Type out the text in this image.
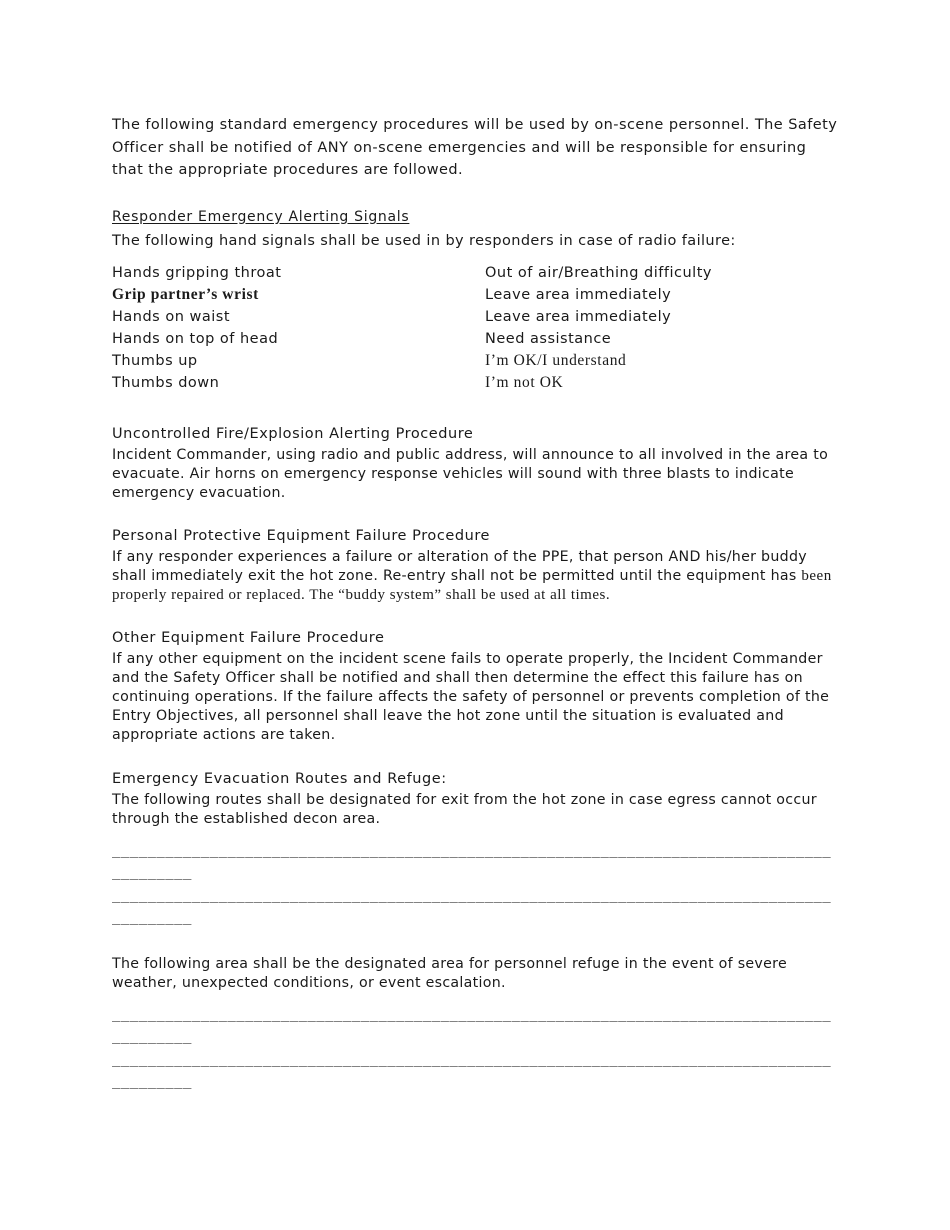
The following standard emergency procedures will be used by on-scene personnel. The Safety Officer shall be notified of ANY on-scene emergencies and will be responsible for ensuring that the appropriate procedures are followed.

Responder Emergency Alerting Signals

The following hand signals shall be used in by responders in case of radio failure:

Hands gripping throat	Out of air/Breathing difficulty
Grip partner’s wrist	Leave area immediately
Hands on waist	Leave area immediately
Hands on top of head	Need assistance
Thumbs up	I’m OK/I understand
Thumbs down	I’m not OK

Uncontrolled Fire/Explosion Alerting Procedure

Incident Commander, using radio and public address, will announce to all involved in the area to evacuate. Air horns on emergency response vehicles will sound with three blasts to indicate emergency evacuation.

Personal Protective Equipment Failure Procedure

If any responder experiences a failure or alteration of the PPE, that person AND his/her buddy shall immediately exit the hot zone. Re-entry shall not be permitted until the equipment has been properly repaired or replaced. The “buddy system” shall be used at all times.

Other Equipment Failure Procedure

If any other equipment on the incident scene fails to operate properly, the Incident Commander and the Safety Officer shall be notified and shall then determine the effect this failure has on continuing operations. If the failure affects the safety of personnel or prevents completion of the Entry Objectives, all personnel shall leave the hot zone until the situation is evaluated and appropriate actions are taken.

Emergency Evacuation Routes and Refuge:

The following routes shall be designated for exit from the hot zone in case egress cannot occur through the established decon area.

__________________________________________________________________________________________

__________________________________________________________________________________________

The following area shall be the designated area for personnel refuge in the event of severe weather, unexpected conditions, or event escalation.

__________________________________________________________________________________________

__________________________________________________________________________________________
